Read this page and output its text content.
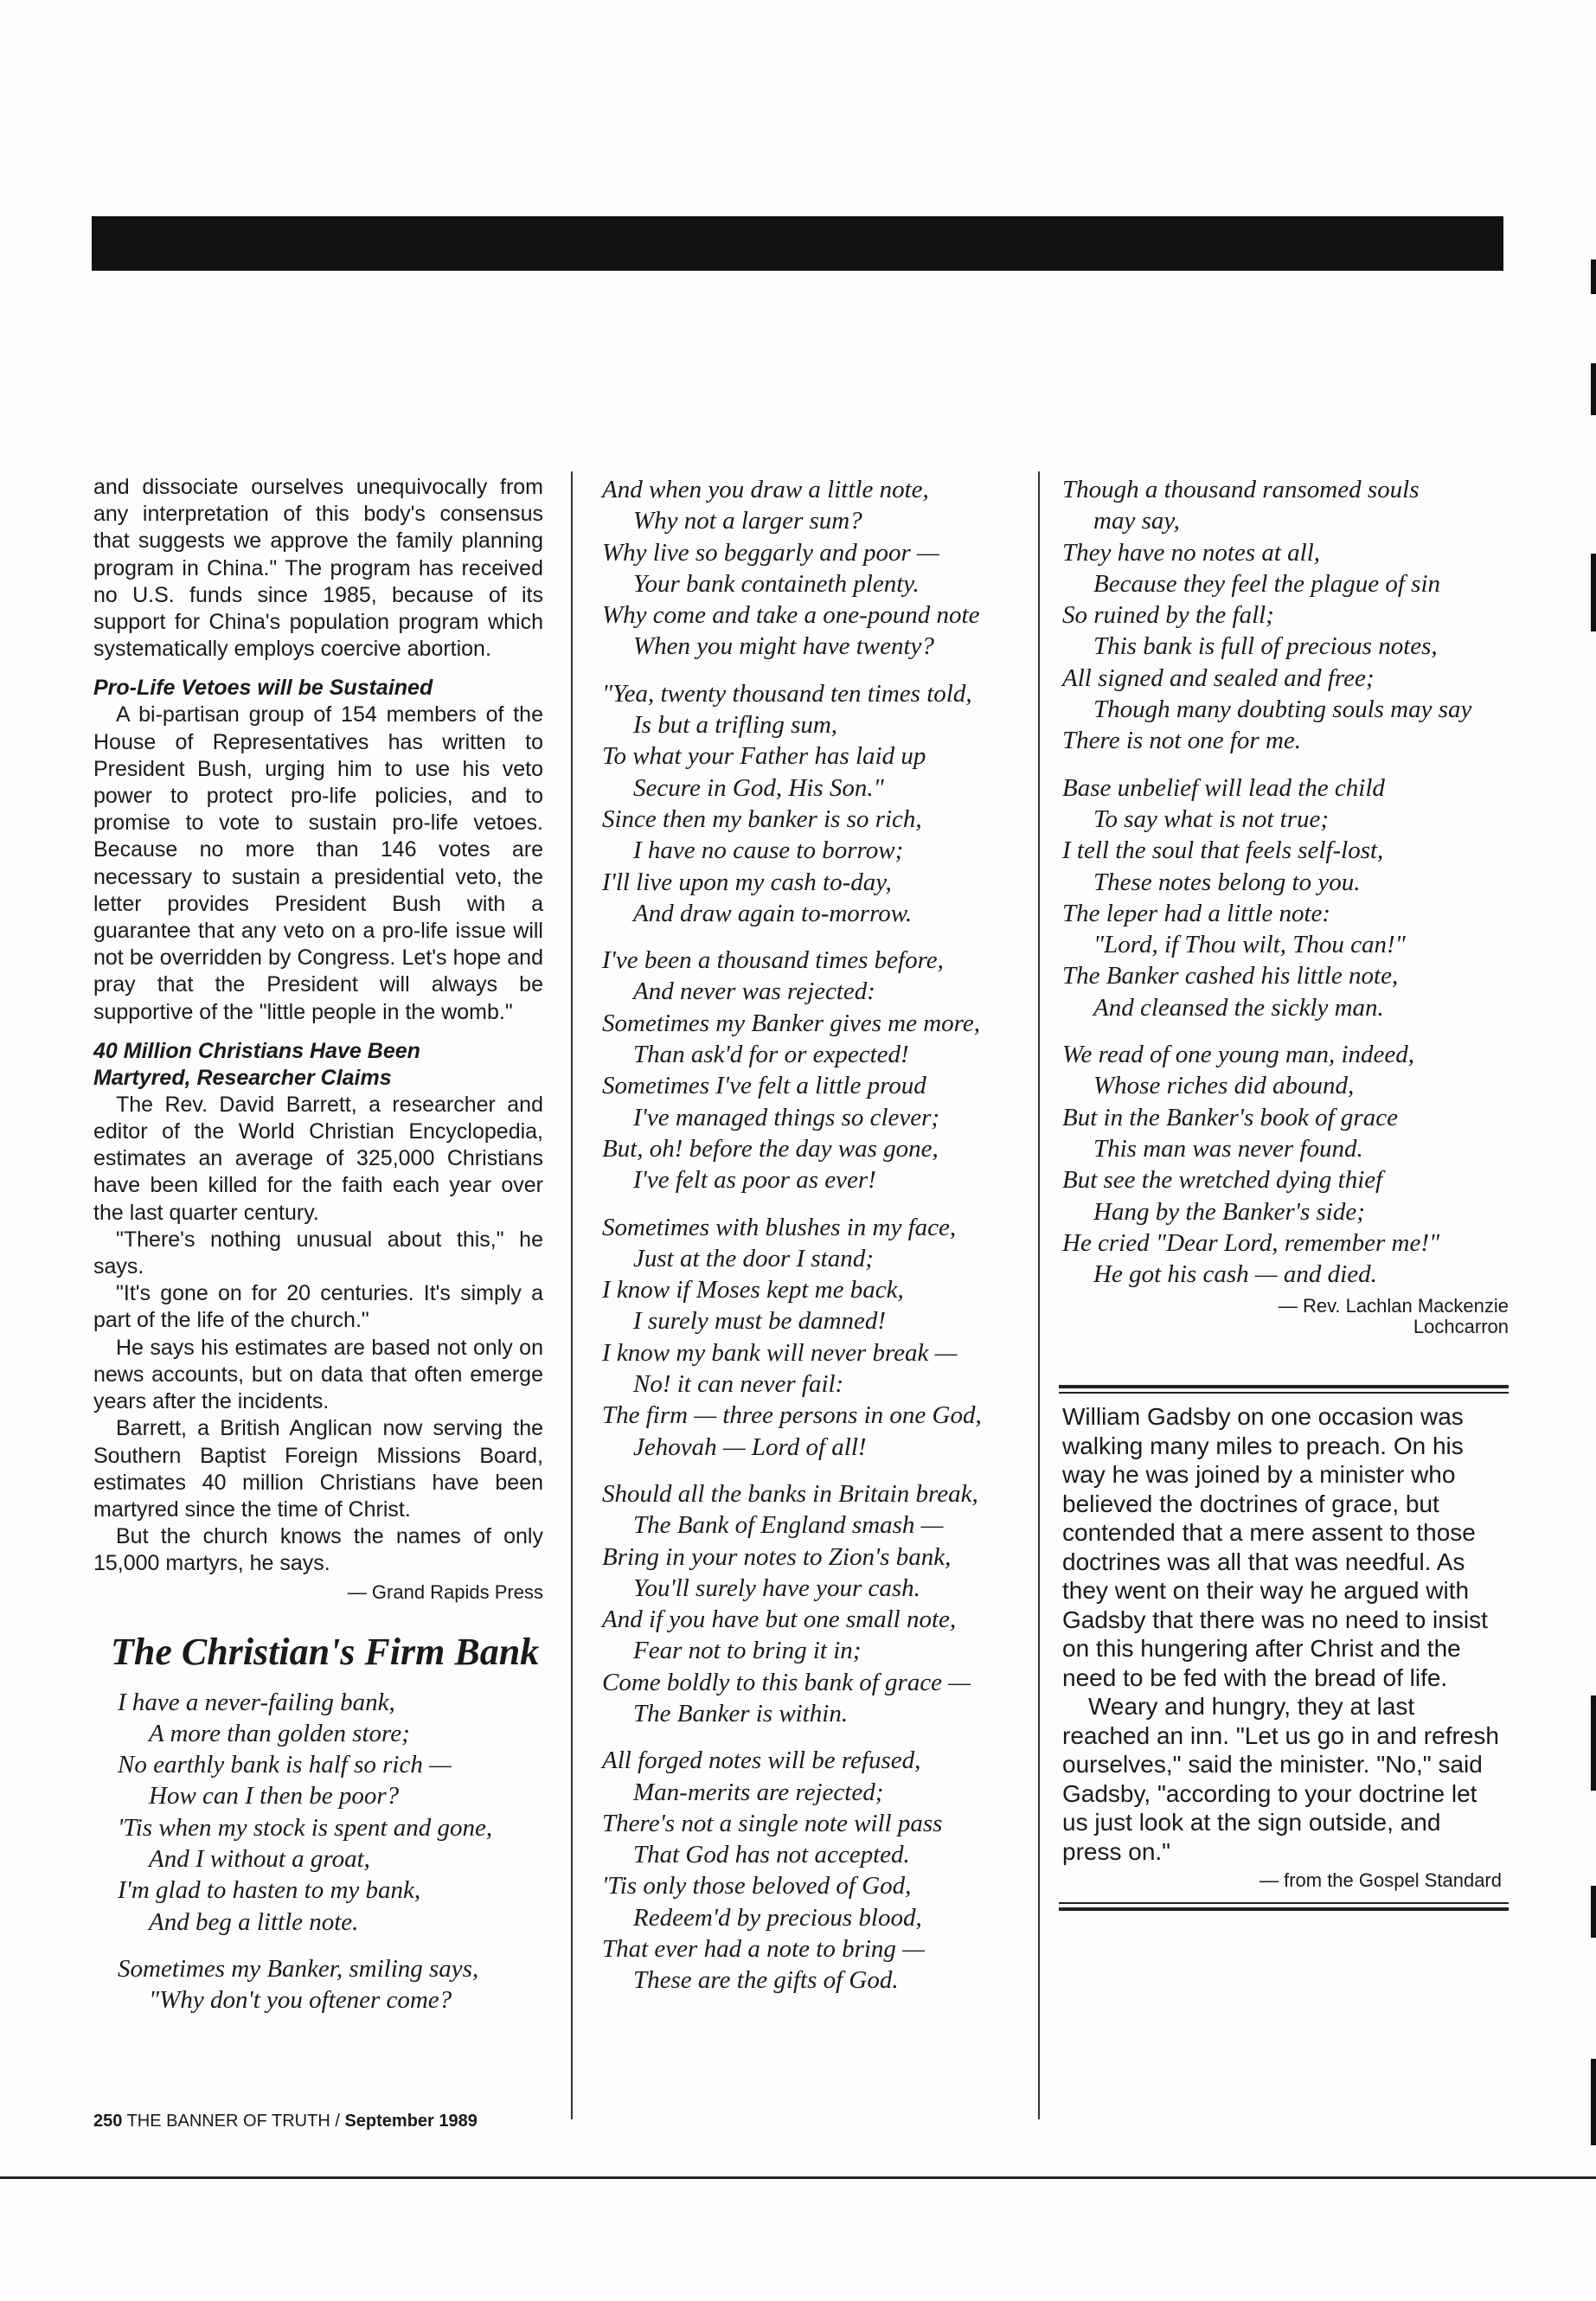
and dissociate ourselves unequivocally from any interpretation of this body's consensus that suggests we approve the family planning program in China." The program has received no U.S. funds since 1985, because of its support for China's population program which systematically employs coercive abortion.

Pro-Life Vetoes will be Sustained

A bi-partisan group of 154 members of the House of Representatives has written to President Bush, urging him to use his veto power to protect pro-life policies, and to promise to vote to sustain pro-life vetoes. Because no more than 146 votes are necessary to sustain a presidential veto, the letter provides President Bush with a guarantee that any veto on a pro-life issue will not be overridden by Congress. Let's hope and pray that the President will always be supportive of the "little people in the womb."

40 Million Christians Have Been
Martyred, Researcher Claims

The Rev. David Barrett, a researcher and editor of the World Christian Encyclopedia, estimates an average of 325,000 Christians have been killed for the faith each year over the last quarter century.

"There's nothing unusual about this," he says.

"It's gone on for 20 centuries. It's simply a part of the life of the church."

He says his estimates are based not only on news accounts, but on data that often emerge years after the incidents.

Barrett, a British Anglican now serving the Southern Baptist Foreign Missions Board, estimates 40 million Christians have been martyred since the time of Christ.

But the church knows the names of only 15,000 martyrs, he says.

— Grand Rapids Press
The Christian's Firm Bank
I have a never-failing bank,
A more than golden store;
No earthly bank is half so rich —
How can I then be poor?
'Tis when my stock is spent and gone,
And I without a groat,
I'm glad to hasten to my bank,
And beg a little note.
Sometimes my Banker, smiling says,
"Why don't you oftener come?
And when you draw a little note,
Why not a larger sum?
Why live so beggarly and poor —
Your bank containeth plenty.
Why come and take a one-pound note
When you might have twenty?
"Yea, twenty thousand ten times told,
Is but a trifling sum,
To what your Father has laid up
Secure in God, His Son."
Since then my banker is so rich,
I have no cause to borrow;
I'll live upon my cash to-day,
And draw again to-morrow.
I've been a thousand times before,
And never was rejected:
Sometimes my Banker gives me more,
Than ask'd for or expected!
Sometimes I've felt a little proud
I've managed things so clever;
But, oh! before the day was gone,
I've felt as poor as ever!
Sometimes with blushes in my face,
Just at the door I stand;
I know if Moses kept me back,
I surely must be damned!
I know my bank will never break —
No! it can never fail:
The firm — three persons in one God,
Jehovah — Lord of all!
Should all the banks in Britain break,
The Bank of England smash —
Bring in your notes to Zion's bank,
You'll surely have your cash.
And if you have but one small note,
Fear not to bring it in;
Come boldly to this bank of grace —
The Banker is within.
All forged notes will be refused,
Man-merits are rejected;
There's not a single note will pass
That God has not accepted.
'Tis only those beloved of God,
Redeem'd by precious blood,
That ever had a note to bring —
These are the gifts of God.
Though a thousand ransomed souls
may say,
They have no notes at all,
Because they feel the plague of sin
So ruined by the fall;
This bank is full of precious notes,
All signed and sealed and free;
Though many doubting souls may say
There is not one for me.
Base unbelief will lead the child
To say what is not true;
I tell the soul that feels self-lost,
These notes belong to you.
The leper had a little note:
"Lord, if Thou wilt, Thou can!"
The Banker cashed his little note,
And cleansed the sickly man.
We read of one young man, indeed,
Whose riches did abound,
But in the Banker's book of grace
This man was never found.
But see the wretched dying thief
Hang by the Banker's side;
He cried "Dear Lord, remember me!"
He got his cash — and died.
— Rev. Lachlan Mackenzie
Lochcarron

William Gadsby on one occasion was walking many miles to preach. On his way he was joined by a minister who believed the doctrines of grace, but contended that a mere assent to those doctrines was all that was needful. As they went on their way he argued with Gadsby that there was no need to insist on this hungering after Christ and the need to be fed with the bread of life.

Weary and hungry, they at last reached an inn. "Let us go in and refresh ourselves," said the minister. "No," said Gadsby, "according to your doctrine let us just look at the sign outside, and press on."

— from the Gospel Standard
250 THE BANNER OF TRUTH / September 1989
